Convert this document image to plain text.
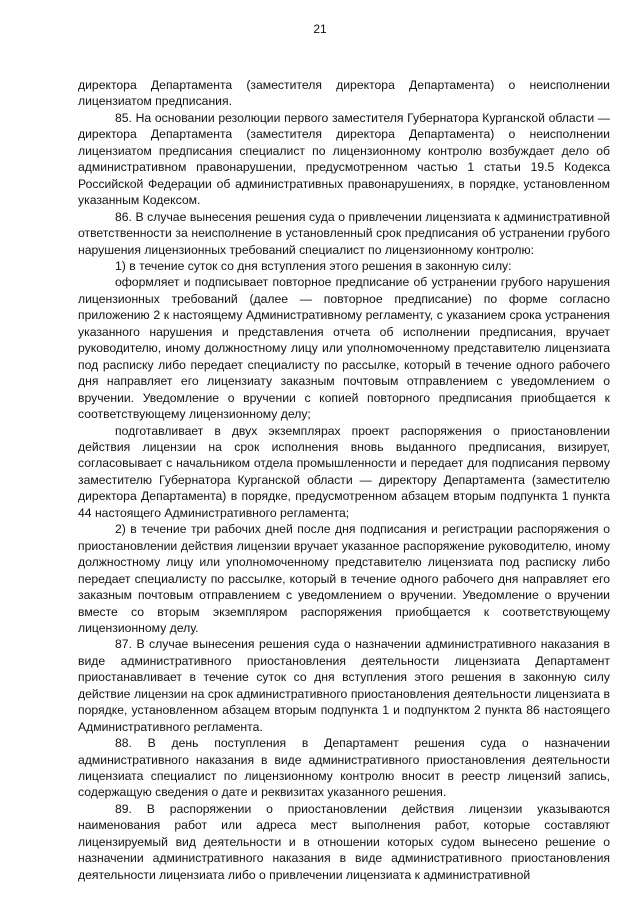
21

директора Департамента (заместителя директора Департамента) о неисполнении лицензиатом предписания.

85. На основании резолюции первого заместителя Губернатора Курганской области — директора Департамента (заместителя директора Департамента) о неисполнении лицензиатом предписания специалист по лицензионному контролю возбуждает дело об административном правонарушении, предусмотренном частью 1 статьи 19.5 Кодекса Российской Федерации об административных правонарушениях, в порядке, установленном указанным Кодексом.

86. В случае вынесения решения суда о привлечении лицензиата к административной ответственности за неисполнение в установленный срок предписания об устранении грубого нарушения лицензионных требований специалист по лицензионному контролю:

1) в течение суток со дня вступления этого решения в законную силу:

оформляет и подписывает повторное предписание об устранении грубого нарушения лицензионных требований (далее — повторное предписание) по форме согласно приложению 2 к настоящему Административному регламенту, с указанием срока устранения указанного нарушения и представления отчета об исполнении предписания, вручает руководителю, иному должностному лицу или уполномоченному представителю лицензиата под расписку либо передает специалисту по рассылке, который в течение одного рабочего дня направляет его лицензиату заказным почтовым отправлением с уведомлением о вручении. Уведомление о вручении с копией повторного предписания приобщается к соответствующему лицензионному делу;

подготавливает в двух экземплярах проект распоряжения о приостановлении действия лицензии на срок исполнения вновь выданного предписания, визирует, согласовывает с начальником отдела промышленности и передает для подписания первому заместителю Губернатора Курганской области — директору Департамента (заместителю директора Департамента) в порядке, предусмотренном абзацем вторым подпункта 1 пункта 44 настоящего Административного регламента;

2) в течение три рабочих дней после дня подписания и регистрации распоряжения о приостановлении действия лицензии вручает указанное распоряжение руководителю, иному должностному лицу или уполномоченному представителю лицензиата под расписку либо передает специалисту по рассылке, который в течение одного рабочего дня направляет его заказным почтовым отправлением с уведомлением о вручении. Уведомление о вручении вместе со вторым экземпляром распоряжения приобщается к соответствующему лицензионному делу.

87. В случае вынесения решения суда о назначении административного наказания в виде административного приостановления деятельности лицензиата Департамент приостанавливает в течение суток со дня вступления этого решения в законную силу действие лицензии на срок административного приостановления деятельности лицензиата в порядке, установленном абзацем вторым подпункта 1 и подпунктом 2 пункта 86 настоящего Административного регламента.

88. В день поступления в Департамент решения суда о назначении административного наказания в виде административного приостановления деятельности лицензиата специалист по лицензионному контролю вносит в реестр лицензий запись, содержащую сведения о дате и реквизитах указанного решения.

89. В распоряжении о приостановлении действия лицензии указываются наименования работ или адреса мест выполнения работ, которые составляют лицензируемый вид деятельности и в отношении которых судом вынесено решение о назначении административного наказания в виде административного приостановления деятельности лицензиата либо о привлечении лицензиата к административной
